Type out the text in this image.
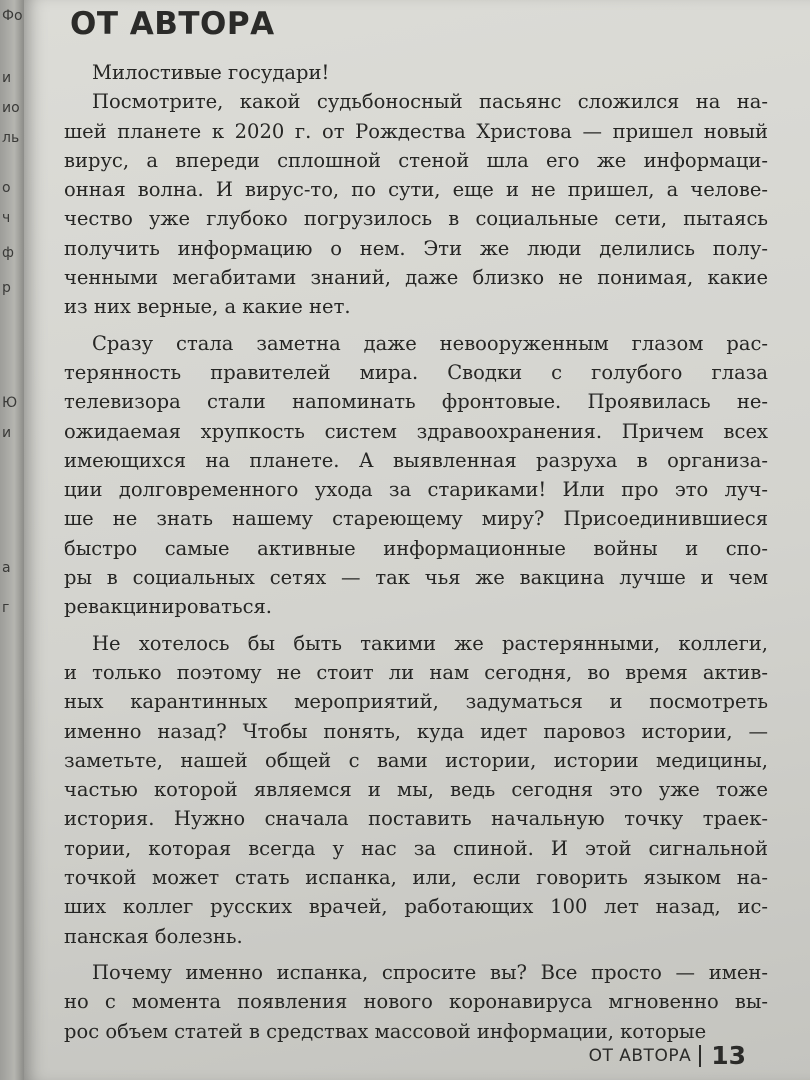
Фо
и
ио
ль
о
ч
ф
р
Ю
и
а
г
ОТ АВТОРА
Милостивые государи!
Посмотрите, какой судьбоносный пасьянс сложился на на-
шей планете к 2020 г. от Рождества Христова — пришел новый
вирус, а впереди сплошной стеной шла его же информаци-
онная волна. И вирус-то, по сути, еще и не пришел, а челове-
чество уже глубоко погрузилось в социальные сети, пытаясь
получить информацию о нем. Эти же люди делились полу-
ченными мегабитами знаний, даже близко не понимая, какие
из них верные, а какие нет.
Сразу стала заметна даже невооруженным глазом рас-
терянность правителей мира. Сводки с голубого глаза
телевизора стали напоминать фронтовые. Проявилась не-
ожидаемая хрупкость систем здравоохранения. Причем всех
имеющихся на планете. А выявленная разруха в организа-
ции долговременного ухода за стариками! Или про это луч-
ше не знать нашему стареющему миру? Присоединившиеся
быстро самые активные информационные войны и спо-
ры в социальных сетях — так чья же вакцина лучше и чем
ревакцинироваться.
Не хотелось бы быть такими же растерянными, коллеги,
и только поэтому не стоит ли нам сегодня, во время актив-
ных карантинных мероприятий, задуматься и посмотреть
именно назад? Чтобы понять, куда идет паровоз истории, —
заметьте, нашей общей с вами истории, истории медицины,
частью которой являемся и мы, ведь сегодня это уже тоже
история. Нужно сначала поставить начальную точку траек-
тории, которая всегда у нас за спиной. И этой сигнальной
точкой может стать испанка, или, если говорить языком на-
ших коллег русских врачей, работающих 100 лет назад, ис-
панская болезнь.
Почему именно испанка, спросите вы? Все просто — имен-
но с момента появления нового коронавируса мгновенно вы-
рос объем статей в средствах массовой информации, которые
ОТ АВТОРА 13
